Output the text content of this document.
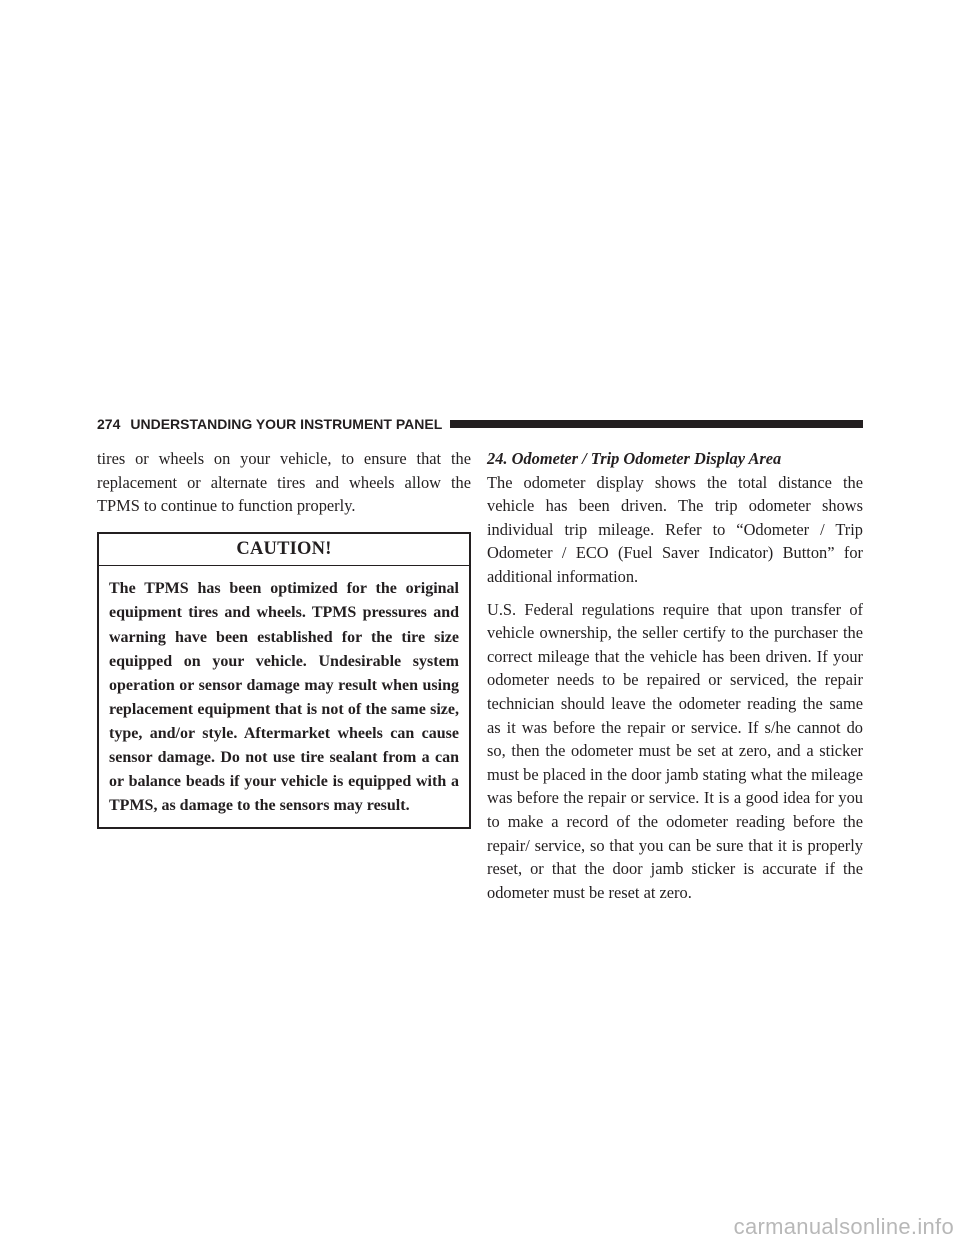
274 UNDERSTANDING YOUR INSTRUMENT PANEL

tires or wheels on your vehicle, to ensure that the replacement or alternate tires and wheels allow the TPMS to continue to function properly.

CAUTION!
The TPMS has been optimized for the original equipment tires and wheels. TPMS pressures and warning have been established for the tire size equipped on your vehicle. Undesirable system operation or sensor damage may result when using replacement equipment that is not of the same size, type, and/or style. Aftermarket wheels can cause sensor damage. Do not use tire sealant from a can or balance beads if your vehicle is equipped with a TPMS, as damage to the sensors may result.

24. Odometer / Trip Odometer Display Area

The odometer display shows the total distance the vehicle has been driven. The trip odometer shows individual trip mileage. Refer to “Odometer / Trip Odometer / ECO (Fuel Saver Indicator) Button” for additional information.

U.S. Federal regulations require that upon transfer of vehicle ownership, the seller certify to the purchaser the correct mileage that the vehicle has been driven. If your odometer needs to be repaired or serviced, the repair technician should leave the odometer reading the same as it was before the repair or service. If s/he cannot do so, then the odometer must be set at zero, and a sticker must be placed in the door jamb stating what the mileage was before the repair or service. It is a good idea for you to make a record of the odometer reading before the repair/ service, so that you can be sure that it is properly reset, or that the door jamb sticker is accurate if the odometer must be reset at zero.

carmanualsonline.info
